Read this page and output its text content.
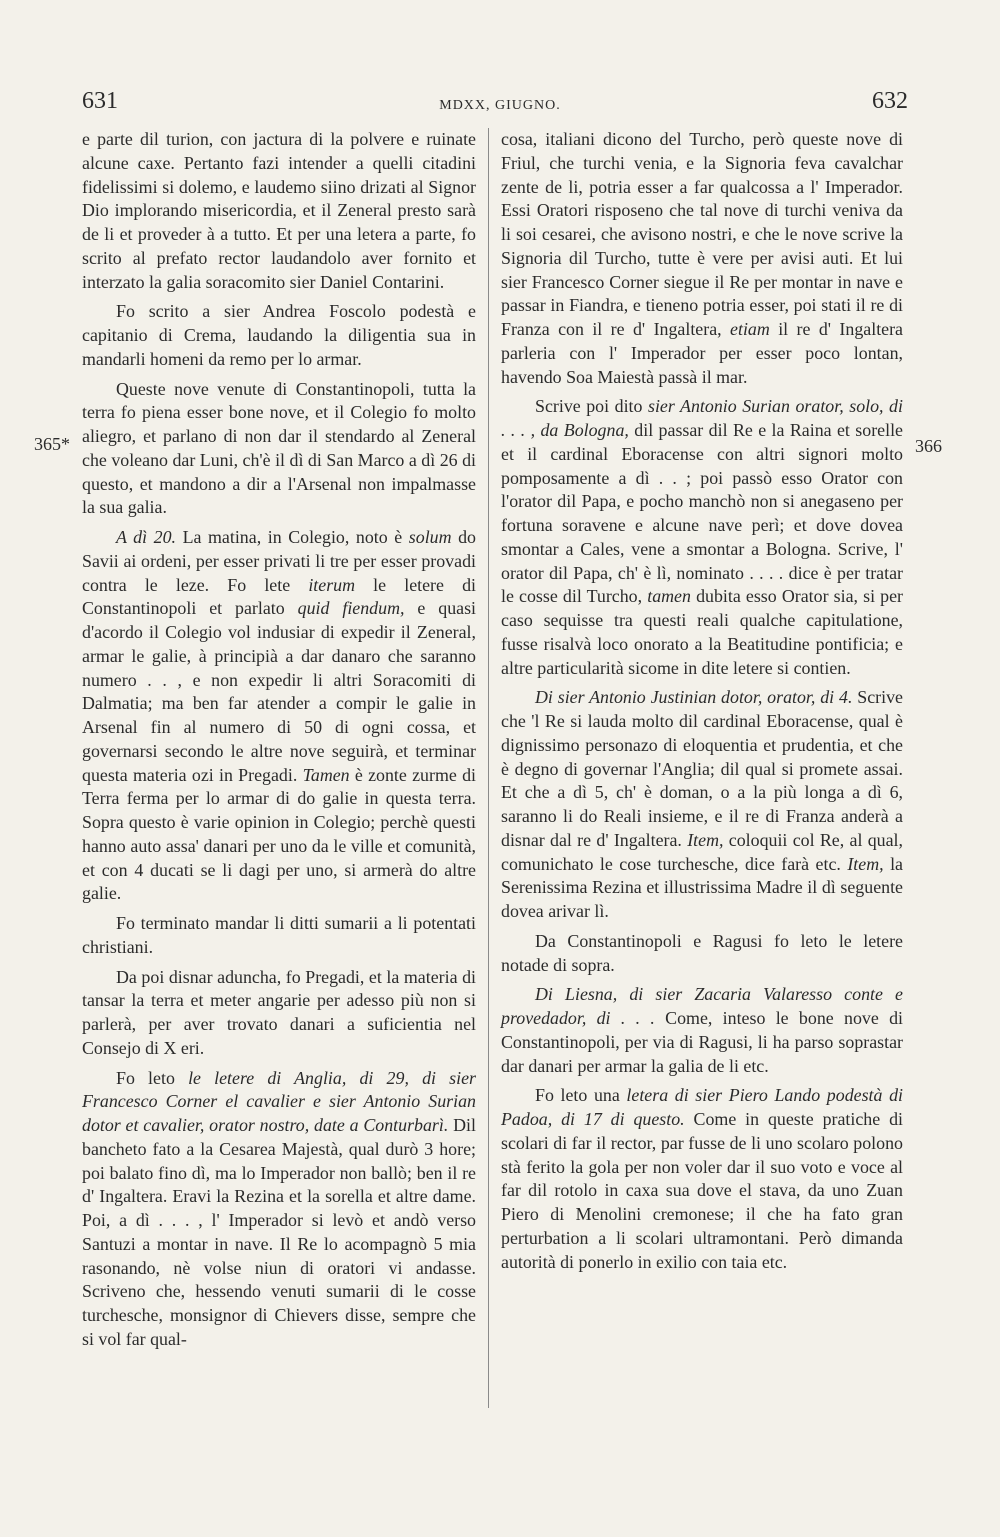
631	MDXX, GIUGNO.	632
365*	366

e parte dil turion, con jactura di la polvere e ruinate alcune caxe. Pertanto fazi intender a quelli citadini fidelissimi si dolemo, e laudemo siino drizati al Signor Dio implorando misericordia, et il Zeneral presto sarà de li et proveder à a tutto. Et per una letera a parte, fo scrito al prefato rector laudandolo aver fornito et interzato la galia soracomito sier Daniel Contarini.

Fo scrito a sier Andrea Foscolo podestà e capitanio di Crema, laudando la diligentia sua in mandarli homeni da remo per lo armar.

Queste nove venute di Constantinopoli, tutta la terra fo piena esser bone nove, et il Colegio fo molto aliegro, et parlano di non dar il stendardo al Zeneral che voleano dar Luni, ch'è il dì di San Marco a dì 26 di questo, et mandono a dir a l'Arsenal non impalmasse la sua galia.

A dì 20. La matina, in Colegio, noto è solum do Savii ai ordeni, per esser privati li tre per esser provadi contra le leze. Fo lete iterum le letere di Constantinopoli et parlato quid fiendum, e quasi d'acordo il Colegio vol indusiar di expedir il Zeneral, armar le galie, à principià a dar danaro che saranno numero . . , e non expedir li altri Soracomiti di Dalmatia; ma ben far atender a compir le galie in Arsenal fin al numero di 50 di ogni cossa, et governarsi secondo le altre nove seguirà, et terminar questa materia ozi in Pregadi. Tamen è zonte zurme di Terra ferma per lo armar di do galie in questa terra. Sopra questo è varie opinion in Colegio; perchè questi hanno auto assa' danari per uno da le ville et comunità, et con 4 ducati se li dagi per uno, si armerà do altre galie.

Fo terminato mandar li ditti sumarii a li potentati christiani.

Da poi disnar aduncha, fo Pregadi, et la materia di tansar la terra et meter angarie per adesso più non si parlerà, per aver trovato danari a suficientia nel Consejo di X eri.

Fo leto le letere di Anglia, di 29, di sier Francesco Corner el cavalier e sier Antonio Surian dotor et cavalier, orator nostro, date a Conturbarì. Dil bancheto fato a la Cesarea Majestà, qual durò 3 hore; poi balato fino dì, ma lo Imperador non ballò; ben il re d' Ingaltera. Eravi la Rezina et la sorella et altre dame. Poi, a dì . . . , l' Imperador si levò et andò verso Santuzi a montar in nave. Il Re lo acompagnò 5 mia rasonando, nè volse niun di oratori vi andasse. Scriveno che, hessendo venuti sumarii di le cosse turchesche, monsignor di Chievers disse, sempre che si vol far qual-

cosa, italiani dicono del Turcho, però queste nove di Friul, che turchi venia, e la Signoria feva cavalchar zente de li, potria esser a far qualcossa a l' Imperador. Essi Oratori risposeno che tal nove di turchi veniva da li soi cesarei, che avisono nostri, e che le nove scrive la Signoria dil Turcho, tutte è vere per avisi auti. Et lui sier Francesco Corner siegue il Re per montar in nave e passar in Fiandra, e tieneno potria esser, poi stati il re di Franza con il re d' Ingaltera, etiam il re d' Ingaltera parleria con l' Imperador per esser poco lontan, havendo Soa Maiestà passà il mar.

Scrive poi dito sier Antonio Surian orator, solo, di . . . , da Bologna, dil passar dil Re e la Raina et sorelle et il cardinal Eboracense con altri signori molto pomposamente a dì . . ; poi passò esso Orator con l'orator dil Papa, e pocho manchò non si anegaseno per fortuna soravene e alcune nave perì; et dove dovea smontar a Cales, vene a smontar a Bologna. Scrive, l' orator dil Papa, ch' è lì, nominato . . . . dice è per tratar le cosse dil Turcho, tamen dubita esso Orator sia, si per caso sequisse tra questi reali qualche capitulatione, fusse risalvà loco onorato a la Beatitudine pontificia; e altre particularità sicome in dite letere si contien.

Di sier Antonio Justinian dotor, orator, di 4. Scrive che 'l Re si lauda molto dil cardinal Eboracense, qual è dignissimo personazo di eloquentia et prudentia, et che è degno di governar l'Anglia; dil qual si promete assai. Et che a dì 5, ch' è doman, o a la più longa a dì 6, saranno li do Reali insieme, e il re di Franza anderà a disnar dal re d' Ingaltera. Item, coloquii col Re, al qual, comunichato le cose turchesche, dice farà etc. Item, la Serenissima Rezina et illustrissima Madre il dì seguente dovea arivar lì.

Da Constantinopoli e Ragusi fo leto le letere notade di sopra.

Di Liesna, di sier Zacaria Valaresso conte e provedador, di . . . Come, inteso le bone nove di Constantinopoli, per via di Ragusi, li ha parso soprastar dar danari per armar la galia de li etc.

Fo leto una letera di sier Piero Lando podestà di Padoa, di 17 di questo. Come in queste pratiche di scolari di far il rector, par fusse de li uno scolaro polono stà ferito la gola per non voler dar il suo voto e voce al far dil rotolo in caxa sua dove el stava, da uno Zuan Piero di Menolini cremonese; il che ha fato gran perturbation a li scolari ultramontani. Però dimanda autorità di ponerlo in exilio con taia etc.
